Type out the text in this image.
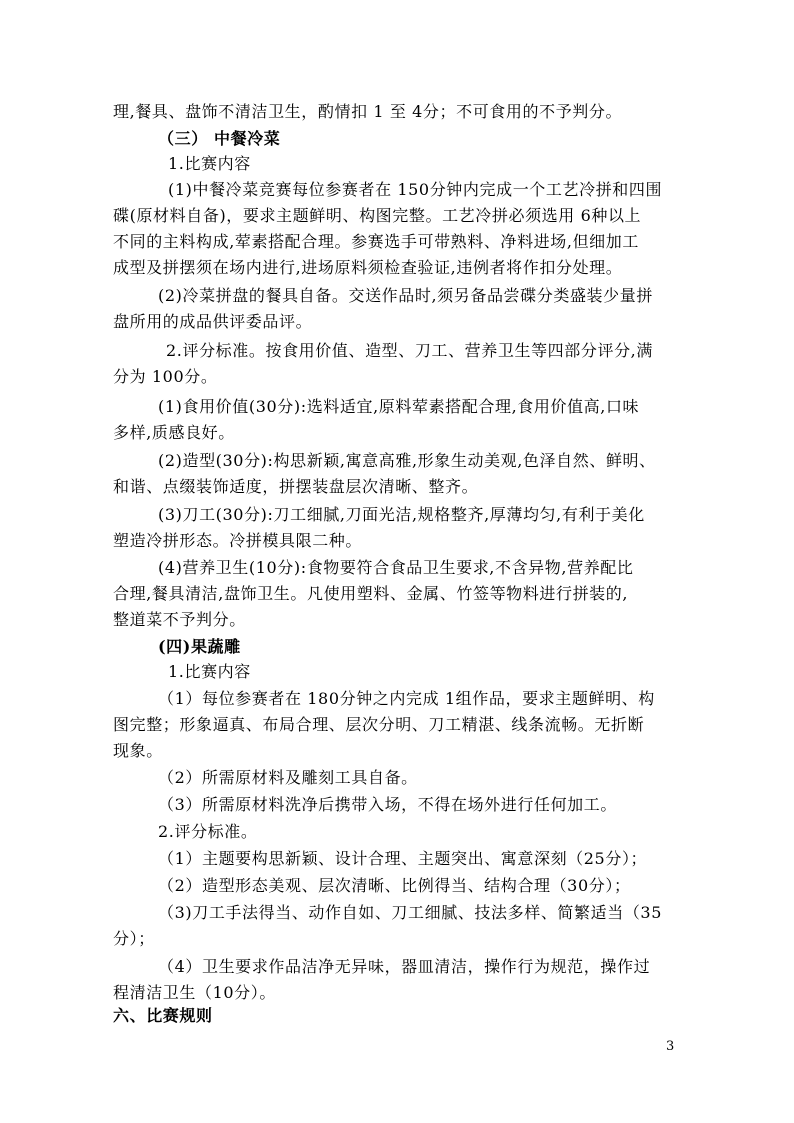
理,餐具、盘饰不清洁卫生，酌情扣 1 至 4分；不可食用的不予判分。
（三） 中餐冷菜
1.比赛内容
(1)中餐冷菜竞赛每位参赛者在 150分钟内完成一个工艺冷拼和四围
碟(原材料自备)，要求主题鲜明、构图完整。工艺冷拼必须选用 6种以上
不同的主料构成,荤素搭配合理。参赛选手可带熟料、净料进场,但细加工
成型及拼摆须在场内进行,进场原料须检查验证,违例者将作扣分处理。
(2)冷菜拼盘的餐具自备。交送作品时,须另备品尝碟分类盛装少量拼
盘所用的成品供评委品评。
2.评分标准。按食用价值、造型、刀工、营养卫生等四部分评分,满
分为 100分。
(1)食用价值(30分):选料适宜,原料荤素搭配合理,食用价值高,口味
多样,质感良好。
(2)造型(30分):构思新颖,寓意高雅,形象生动美观,色泽自然、鲜明、
和谐、点缀装饰适度，拼摆装盘层次清晰、整齐。
(3)刀工(30分):刀工细腻,刀面光洁,规格整齐,厚薄均匀,有利于美化
塑造冷拼形态。冷拼模具限二种。
(4)营养卫生(10分):食物要符合食品卫生要求,不含异物,营养配比
合理,餐具清洁,盘饰卫生。凡使用塑料、金属、竹签等物料进行拼装的,
整道菜不予判分。
(四)果蔬雕
1.比赛内容
（1）每位参赛者在 180分钟之内完成 1组作品，要求主题鲜明、构
图完整；形象逼真、布局合理、层次分明、刀工精湛、线条流畅。无折断
现象。
（2）所需原材料及雕刻工具自备。
（3）所需原材料洗净后携带入场，不得在场外进行任何加工。
2.评分标准。
（1）主题要构思新颖、设计合理、主题突出、寓意深刻（25分）；
（2）造型形态美观、层次清晰、比例得当、结构合理（30分）；
（3)刀工手法得当、动作自如、刀工细腻、技法多样、简繁适当（35
分）；
（4）卫生要求作品洁净无异味，器皿清洁，操作行为规范，操作过
程清洁卫生（10分）。
六、比赛规则
3
